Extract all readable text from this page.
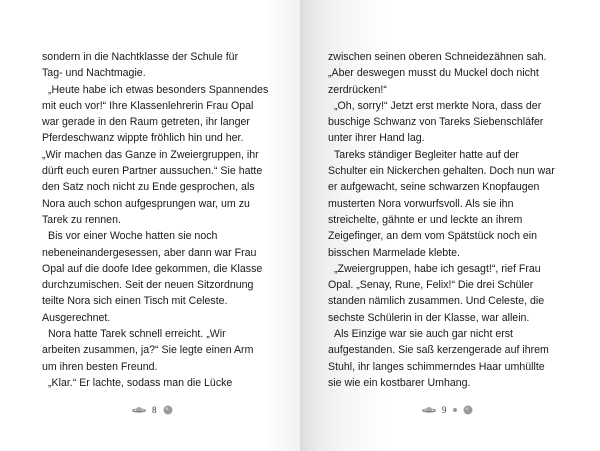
sondern in die Nachtklasse der Schule für
Tag- und Nachtmagie.
„Heute habe ich etwas besonders Spannendes
mit euch vor!“ Ihre Klassenlehrerin Frau Opal
war gerade in den Raum getreten, ihr langer
Pferdeschwanz wippte fröhlich hin und her.
„Wir machen das Ganze in Zweiergruppen, ihr
dürft euch euren Partner aussuchen.“ Sie hatte
den Satz noch nicht zu Ende gesprochen, als
Nora auch schon aufgesprungen war, um zu
Tarek zu rennen.
Bis vor einer Woche hatten sie noch
nebeneinandergesessen, aber dann war Frau
Opal auf die doofe Idee gekommen, die Klasse
durchzumischen. Seit der neuen Sitzordnung
teilte Nora sich einen Tisch mit Celeste.
Ausgerechnet.
Nora hatte Tarek schnell erreicht. „Wir
arbeiten zusammen, ja?“ Sie legte einen Arm
um ihren besten Freund.
„Klar.“ Er lachte, sodass man die Lücke
8
zwischen seinen oberen Schneidezähnen sah.
„Aber deswegen musst du Muckel doch nicht
zerdrücken!“
„Oh, sorry!“ Jetzt erst merkte Nora, dass der
buschige Schwanz von Tareks Siebenschläfer
unter ihrer Hand lag.
Tareks ständiger Begleiter hatte auf der
Schulter ein Nickerchen gehalten. Doch nun war
er aufgewacht, seine schwarzen Knopfaugen
musterten Nora vorwurfsvoll. Als sie ihn
streichelte, gähnte er und leckte an ihrem
Zeigefinger, an dem vom Spätstück noch ein
bisschen Marmelade klebte.
„Zweiergruppen, habe ich gesagt!“, rief Frau
Opal. „Senay, Rune, Felix!“ Die drei Schüler
standen nämlich zusammen. Und Celeste, die
sechste Schülerin in der Klasse, war allein.
Als Einzige war sie auch gar nicht erst
aufgestanden. Sie saß kerzengerade auf ihrem
Stuhl, ihr langes schimmerndes Haar umhüllte
sie wie ein kostbarer Umhang.
9
